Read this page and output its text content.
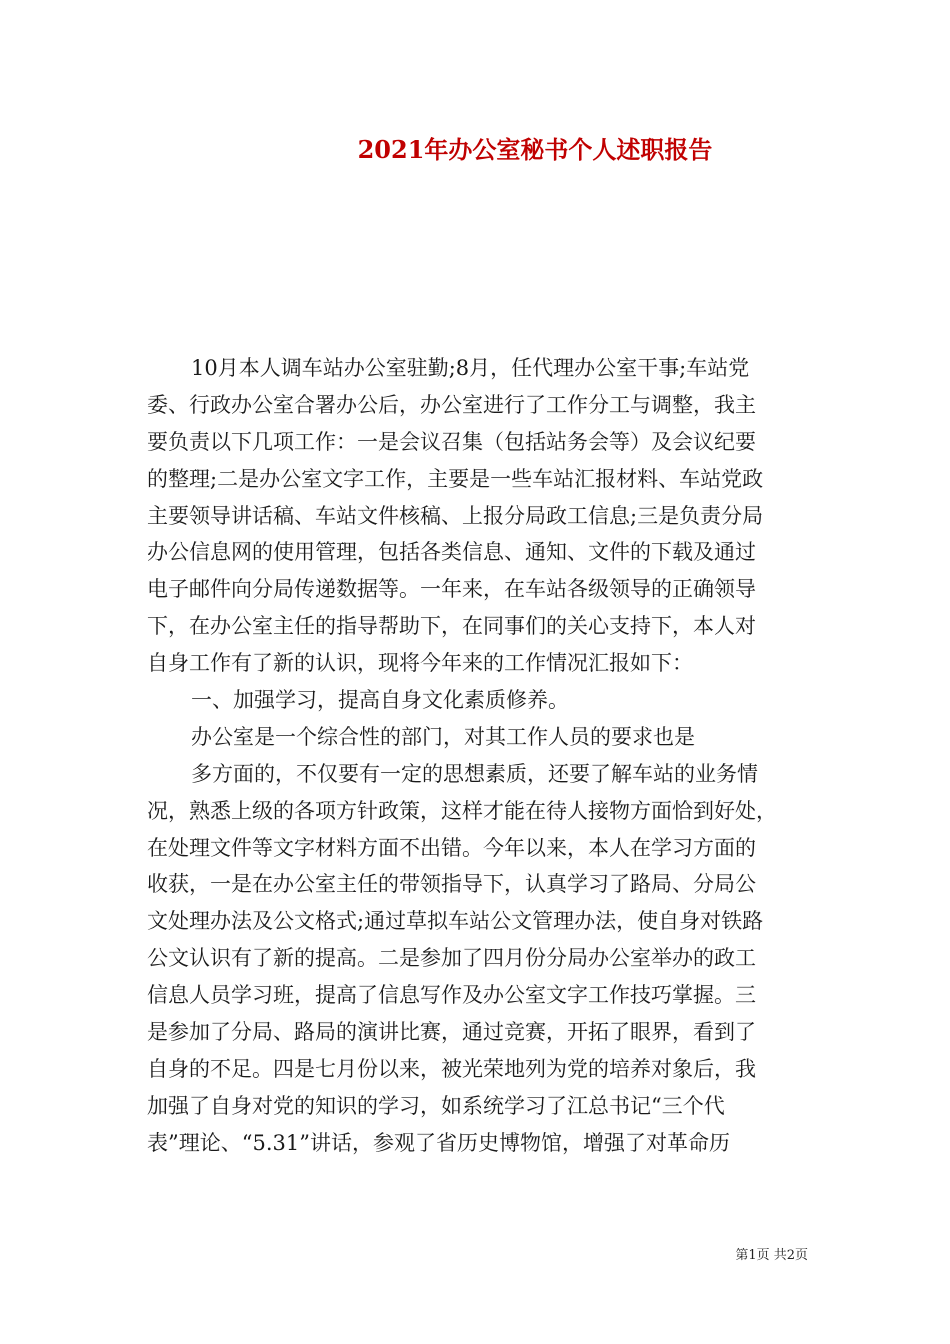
2021年办公室秘书个人述职报告
10月本人调车站办公室驻勤;8月，任代理办公室干事;车站党
委、行政办公室合署办公后，办公室进行了工作分工与调整，我主
要负责以下几项工作：一是会议召集（包括站务会等）及会议纪要
的整理;二是办公室文字工作，主要是一些车站汇报材料、车站党政
主要领导讲话稿、车站文件核稿、上报分局政工信息;三是负责分局
办公信息网的使用管理，包括各类信息、通知、文件的下载及通过
电子邮件向分局传递数据等。一年来，在车站各级领导的正确领导
下，在办公室主任的指导帮助下，在同事们的关心支持下，本人对
自身工作有了新的认识，现将今年来的工作情况汇报如下：
一、加强学习，提高自身文化素质修养。
办公室是一个综合性的部门，对其工作人员的要求也是
多方面的，不仅要有一定的思想素质，还要了解车站的业务情
况，熟悉上级的各项方针政策，这样才能在待人接物方面恰到好处，
在处理文件等文字材料方面不出错。今年以来，本人在学习方面的
收获，一是在办公室主任的带领指导下，认真学习了路局、分局公
文处理办法及公文格式;通过草拟车站公文管理办法，使自身对铁路
公文认识有了新的提高。二是参加了四月份分局办公室举办的政工
信息人员学习班，提高了信息写作及办公室文字工作技巧掌握。三
是参加了分局、路局的演讲比赛，通过竞赛，开拓了眼界，看到了
自身的不足。四是七月份以来，被光荣地列为党的培养对象后，我
加强了自身对党的知识的学习，如系统学习了江总书记“三个代
表”理论、“5.31”讲话，参观了省历史博物馆，增强了对革命历
第1页 共2页
